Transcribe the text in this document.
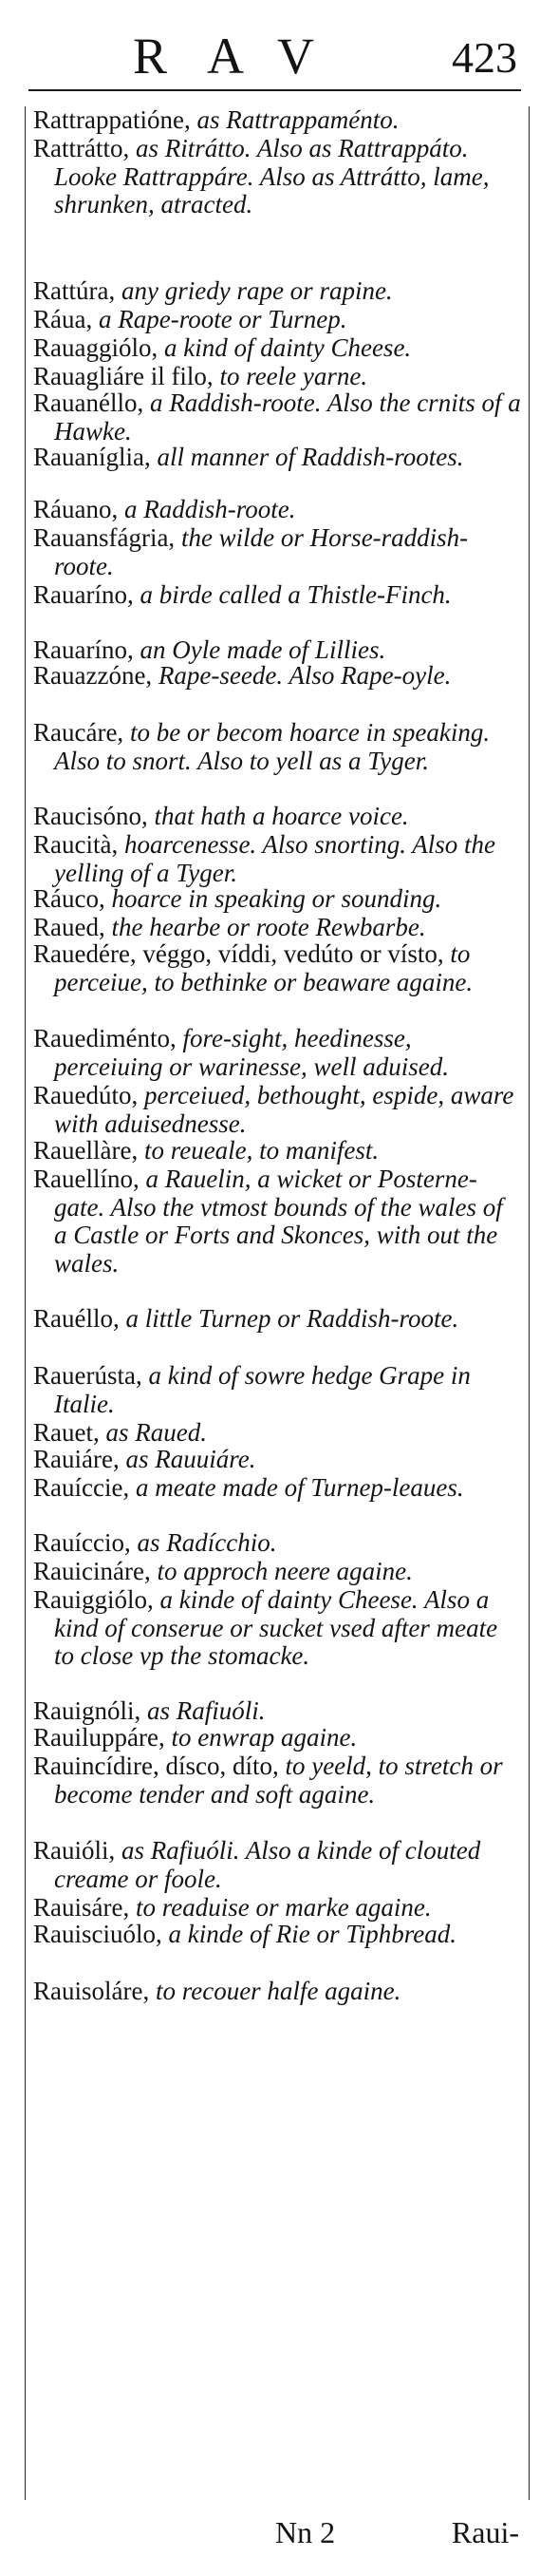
RAV 423
Rattrappatióne, as Rattrappaménto.
Rattrátto, as Ritrátto. Also as Rattrappáto. Looke Rattrappáre. Also as Attrátto, lame, shrunken, atracted.
Rattúra, any griedy rape or rapine.
Ráua, a Rape-roote or Turnep.
Rauaggiólo, a kind of dainty Cheese.
Rauagliáre il filo, to reele yarne.
Rauanéllo, a Raddish-roote. Also the crnits of a Hawke.
Rauaníglia, all manner of Raddish-rootes.
Ráuano, a Raddish-roote.
Rauansfágria, the wilde or Horse-raddish-roote.
Rauaríno, a birde called a Thistle-Finch.
Rauaríno, an Oyle made of Lillies.
Rauazzóne, Rape-seede. Also Rape-oyle.
Raucáre, to be or becom hoarce in speaking. Also to snort. Also to yell as a Tyger.
Raucisóno, that hath a hoarce voice.
Raucità, hoarcenesse. Also snorting. Also the yelling of a Tyger.
Ráuco, hoarce in speaking or sounding.
Raued, the hearbe or roote Rewbarbe.
Rauedére, véggo, víddi, vedúto or vísto, to perceiue, to bethinke or beaware againe.
Rauediménto, fore-sight, heedinesse, perceiuing or warinesse, well aduised.
Rauedúto, perceiued, bethought, espide, aware with aduisednesse.
Rauellàre, to reueale, to manifest.
Rauellíno, a Rauelin, a wicket or Posterne-gate. Also the vtmost bounds of the wales of a Castle or Forts and Skonces, with out the wales.
Rauéllo, a little Turnep or Raddish-roote.
Rauerústa, a kind of sowre hedge Grape in Italie.
Rauet, as Raued.
Rauiáre, as Rauuiáre.
Rauíccie, a meate made of Turnep-leaues.
Rauíccio, as Radícchio.
Rauicináre, to approch neere againe.
Rauiggiólo, a kinde of dainty Cheese. Also a kind of conserue or sucket vsed after meate to close vp the stomacke.
Rauignóli, as Rafiuóli.
Rauiluppáre, to enwrap againe.
Rauincídire, dísco, díto, to yeeld, to stretch or become tender and soft againe.
Rauióli, as Rafiuóli. Also a kinde of clouted creame or foole.
Rauisáre, to readuise or marke againe.
Rauisciuólo, a kinde of Rie or Tiphbread.
Rauisoláre, to recouer halfe againe.
Nn 2	Raui-
